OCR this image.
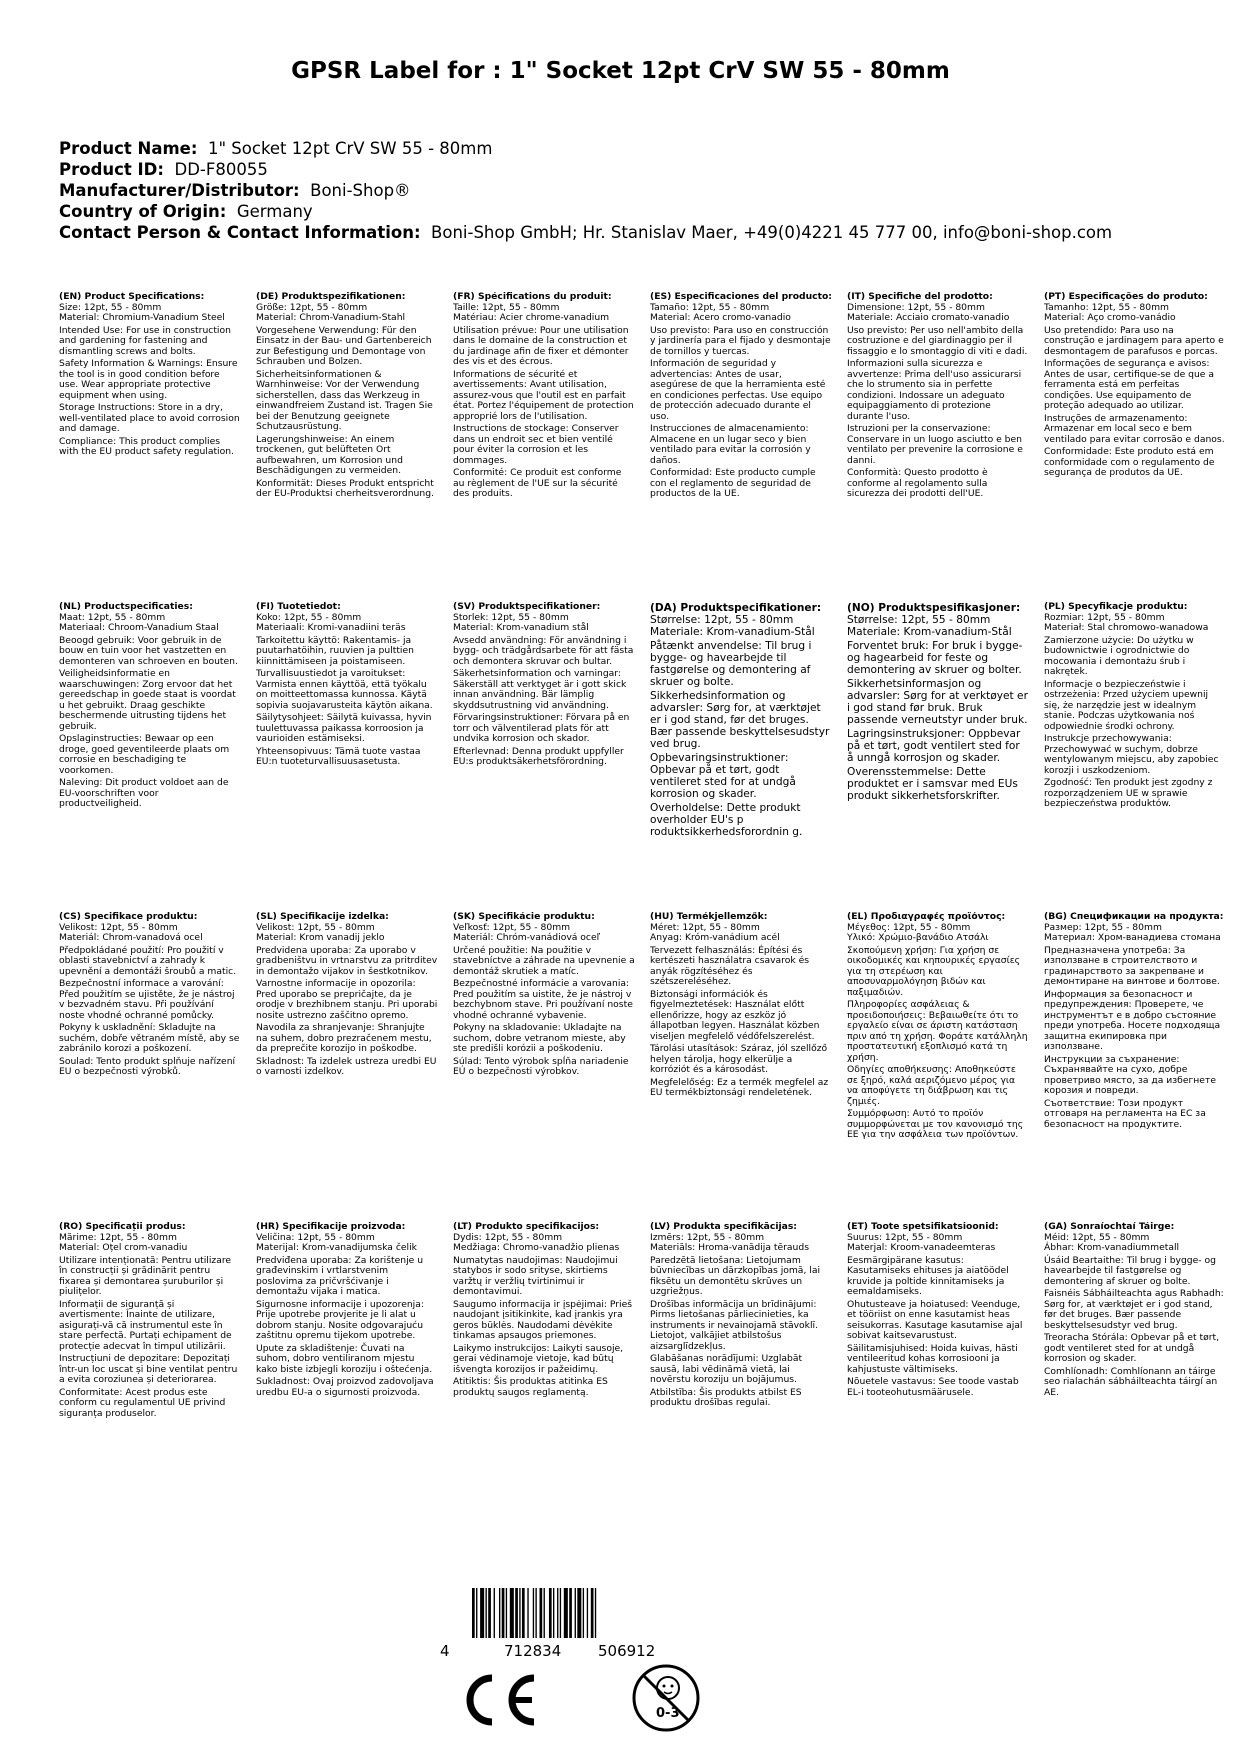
GPSR Label for : 1" Socket 12pt CrV SW 55 - 80mm
Product Name: 1" Socket 12pt CrV SW 55 - 80mm
Product ID: DD-F80055
Manufacturer/Distributor: Boni-Shop®
Country of Origin: Germany
Contact Person & Contact Information: Boni-Shop GmbH; Hr. Stanislav Maer, +49(0)4221 45 777 00, info@boni-shop.com
(EN) Product Specifications:
Size: 12pt, 55 - 80mm
Material: Chromium-Vanadium Steel
Intended Use: For use in construction and gardening for fastening and dismantling screws and bolts.
Safety Information & Warnings: Ensure the tool is in good condition before use. Wear appropriate protective equipment when using.
Storage Instructions: Store in a dry, well-ventilated place to avoid corrosion and damage.
Compliance: This product complies with the EU product safety regulation.
(DE) Produktspezifikationen:
Größe: 12pt, 55 - 80mm
Material: Chrom-Vanadium-Stahl
Vorgesehene Verwendung: Für den Einsatz in der Bau- und Gartenbereich zur Befestigung und Demontage von Schrauben und Bolzen.
Sicherheitsinformationen & Warnhinweise: Vor der Verwendung sicherstellen, dass das Werkzeug in einwandfreiem Zustand ist. Tragen Sie bei der Benutzung geeignete Schutzausrüstung.
Lagerungshinweise: An einem trockenen, gut belüfteten Ort aufbewahren, um Korrosion und Beschädigungen zu vermeiden.
Konformität: Dieses Produkt entspricht der EU-Produktsi cherheitsverordnung.
(FR) Spécifications du produit:
Taille: 12pt, 55 - 80mm
Matériau: Acier chrome-vanadium
Utilisation prévue: Pour une utilisation dans le domaine de la construction et du jardinage afin de fixer et démonter des vis et des écrous.
Informations de sécurité et avertissements: Avant utilisation, assurez-vous que l'outil est en parfait état. Portez l'équipement de protection approprié lors de l'utilisation.
Instructions de stockage: Conserver dans un endroit sec et bien ventilé pour éviter la corrosion et les dommages.
Conformité: Ce produit est conforme au règlement de l'UE sur la sécurité des produits.
(ES) Especificaciones del producto:
Tamaño: 12pt, 55 - 80mm
Material: Acero cromo-vanadio
Uso previsto: Para uso en construcción y jardinería para el fijado y desmontaje de tornillos y tuercas.
Información de seguridad y advertencias: Antes de usar, asegúrese de que la herramienta esté en condiciones perfectas. Use equipo de protección adecuado durante el uso.
Instrucciones de almacenamiento: Almacene en un lugar seco y bien ventilado para evitar la corrosión y daños.
Conformidad: Este producto cumple con el reglamento de seguridad de productos de la UE.
(IT) Specifiche del prodotto:
Dimensione: 12pt, 55 - 80mm
Materiale: Acciaio cromato-vanadio
Uso previsto: Per uso nell'ambito della costruzione e del giardinaggio per il fissaggio e lo smontaggio di viti e dadi.
Informazioni sulla sicurezza e avvertenze: Prima dell'uso assicurarsi che lo strumento sia in perfette condizioni. Indossare un adeguato equipaggiamento di protezione durante l'uso.
Istruzioni per la conservazione: Conservare in un luogo asciutto e ben ventilato per prevenire la corrosione e danni.
Conformità: Questo prodotto è conforme al regolamento sulla sicurezza dei prodotti dell'UE.
(PT) Especificações do produto:
Tamanho: 12pt, 55 - 80mm
Material: Aço cromo-vanádio
Uso pretendido: Para uso na construção e jardinagem para aperto e desmontagem de parafusos e porcas.
Informações de segurança e avisos: Antes de usar, certifique-se de que a ferramenta está em perfeitas condições. Use equipamento de proteção adequado ao utilizar.
Instruções de armazenamento: Armazenar em local seco e bem ventilado para evitar corrosão e danos.
Conformidade: Este produto está em conformidade com o regulamento de segurança de produtos da UE.
(NL) Productspecificaties:
Maat: 12pt, 55 - 80mm
Materiaal: Chroom-Vanadium Staal
Beoogd gebruik: Voor gebruik in de bouw en tuin voor het vastzetten en demonteren van schroeven en bouten.
Veiligheidsinformatie en waarschuwingen: Zorg ervoor dat het gereedschap in goede staat is voordat u het gebruikt. Draag geschikte beschermende uitrusting tijdens het gebruik.
Opslaginstructies: Bewaar op een droge, goed geventileerde plaats om corrosie en beschadiging te voorkomen.
Naleving: Dit product voldoet aan de EU-voorschriften voor productveiligheid.
(FI) Tuotetiedot:
Koko: 12pt, 55 - 80mm
Materiaali: Kromi-vanadiini teräs
Tarkoitettu käyttö: Rakentamis- ja puutarhatöihin, ruuvien ja pulttien kiinnittämiseen ja poistamiseen.
Turvallisuustiedot ja varoitukset: Varmista ennen käyttöä, että työkalu on moitteettomassa kunnossa. Käytä sopivia suojavarusteita käytön aikana.
Säilytysohjeet: Säilytä kuivassa, hyvin tuulettuvassa paikassa korroosion ja vaurioiden estämiseksi.
Yhteensopivuus: Tämä tuote vastaa EU:n tuoteturvallisuusasetusta.
(SV) Produktspecifikationer:
Storlek: 12pt, 55 - 80mm
Material: Krom-vanadium stål
Avsedd användning: För användning i bygg- och trädgårdsarbete för att fästa och demontera skruvar och bultar.
Säkerhetsinformation och varningar: Säkerställ att verktyget är i gott skick innan användning. Bär lämplig skyddsutrustning vid användning.
Förvaringsinstruktioner: Förvara på en torr och välventilerad plats för att undvika korrosion och skador.
Efterlevnad: Denna produkt uppfyller EU:s produktsäkerhetsförordning.
(DA) Produktspecifikationer:
Størrelse: 12pt, 55 - 80mm
Materiale: Krom-vanadium-Stål
Påtænkt anvendelse: Til brug i bygge- og havearbejde til fastgørelse og demontering af skruer og bolte.
Sikkerhedsinformation og advarsler: Sørg for, at værktøjet er i god stand, før det bruges. Bær passende beskyttelsesudstyr ved brug.
Opbevaringsinstruktioner: Opbevar på et tørt, godt ventileret sted for at undgå korrosion og skader.
Overholdelse: Dette produkt overholder EU's p roduktsikkerhedsforordnin g.
(NO) Produktspesifikasjoner:
Størrelse: 12pt, 55 - 80mm
Materiale: Krom-vanadium-Stål
Forventet bruk: For bruk i bygge- og hagearbeid for feste og demontering av skruer og bolter.
Sikkerhetsinformasjon og advarsler: Sørg for at verktøyet er i god stand før bruk. Bruk passende verneutstyr under bruk.
Lagringsinstruksjoner: Oppbevar på et tørt, godt ventilert sted for å unngå korrosjon og skader.
Overensstemmelse: Dette produktet er i samsvar med EUs produkt sikkerhetsforskrifter.
(PL) Specyfikacje produktu:
Rozmiar: 12pt, 55 - 80mm
Materiał: Stal chromowo-wanadowa
Zamierzone użycie: Do użytku w budownictwie i ogrodnictwie do mocowania i demontażu śrub i nakrętek.
Informacje o bezpieczeństwie i ostrzeżenia: Przed użyciem upewnij się, że narzędzie jest w idealnym stanie. Podczas użytkowania noś odpowiednie środki ochrony.
Instrukcje przechowywania: Przechowywać w suchym, dobrze wentylowanym miejscu, aby zapobiec korozji i uszkodzeniom.
Zgodność: Ten produkt jest zgodny z rozporządzeniem UE w sprawie bezpieczeństwa produktów.
(CS) Specifikace produktu:
Velikost: 12pt, 55 - 80mm
Materiál: Chrom-vanadová ocel
Předpokládané použití: Pro použití v oblasti stavebnictví a zahrady k upevnění a demontáži šroubů a matic.
Bezpečnostní informace a varování: Před použitím se ujistěte, že je nástroj v bezvadném stavu. Při používání noste vhodné ochranné pomůcky.
Pokyny k uskladnění: Skladujte na suchém, dobře větraném místě, aby se zabránilo korozi a poškození.
Soulad: Tento produkt splňuje nařízení EU o bezpečnosti výrobků.
(SL) Specifikacije izdelka:
Velikost: 12pt, 55 - 80mm
Material: Krom vanadij jeklo
Predvidena uporaba: Za uporabo v gradbeništvu in vrtnarstvu za pritrditev in demontažo vijakov in šestkotnikov.
Varnostne informacije in opozorila: Pred uporabo se prepričajte, da je orodje v brezhibnem stanju. Pri uporabi nosite ustrezno zaščitno opremo.
Navodila za shranjevanje: Shranjujte na suhem, dobro prezračenem mestu, da preprečite korozijo in poškodbe.
Skladnost: Ta izdelek ustreza uredbi EU o varnosti izdelkov.
(SK) Špecifikácie produktu:
Veľkosť: 12pt, 55 - 80mm
Materiál: Chróm-vanádiová oceľ
Určené použitie: Na použitie v stavebníctve a záhrade na upevnenie a demontáž skrutiek a matíc.
Bezpečnostné informácie a varovania: Pred použitím sa uistite, že je nástroj v bezchybnom stave. Pri používaní noste vhodné ochranné vybavenie.
Pokyny na skladovanie: Ukladajte na suchom, dobre vetranom mieste, aby ste predišli korózii a poškodeniu.
Súlad: Tento výrobok spĺňa nariadenie EÚ o bezpečnosti výrobkov.
(HU) Termékjellemzők:
Méret: 12pt, 55 - 80mm
Anyag: Króm-vanádium acél
Tervezett felhasználás: Építési és kertészeti használatra csavarok és anyák rögzítéséhez és szétszereléséhez.
Biztonsági információk és figyelmeztetések: Használat előtt ellenőrizze, hogy az eszköz jó állapotban legyen. Használat közben viseljen megfelelő védőfelszerelést.
Tárolási utasítások: Száraz, jól szellőző helyen tárolja, hogy elkerülje a korróziót és a károsodást.
Megfelelőség: Ez a termék megfelel az EU termékbiztonsági rendeletének.
(EL) Προδιαγραφές προϊόντος:
Μέγεθος: 12pt, 55 - 80mm
Υλικό: Χρώμιο-βανάδιο Ατσάλι
Σκοπούμενη χρήση: Για χρήση σε οικοδομικές και κηπουρικές εργασίες για τη στερέωση και αποσυναρμολόγηση βιδών και παξιμαδιών.
Πληροφορίες ασφάλειας & προειδοποιήσεις: Βεβαιωθείτε ότι το εργαλείο είναι σε άριστη κατάσταση πριν από τη χρήση. Φοράτε κατάλληλη προστατευτική εξοπλισμό κατά τη χρήση.
Οδηγίες αποθήκευσης: Αποθηκεύστε σε ξηρό, καλά αεριζόμενο μέρος για να αποφύγετε τη διάβρωση και τις ζημιές.
Συμμόρφωση: Αυτό το προϊόν συμμορφώνεται με τον κανονισμό της ΕΕ για την ασφάλεια των προϊόντων.
(BG) Спецификации на продукта:
Размер: 12pt, 55 - 80mm
Материал: Хром-ванадиева стомана
Предназначена употреба: За използване в строителството и градинарството за закрепване и демонтиране на винтове и болтове.
Информация за безопасност и предупреждения: Проверете, че инструментът е в добро състояние преди употреба. Носете подходяща защитна екипировка при използване.
Инструкции за съхранение: Съхранявайте на сухо, добре проветриво място, за да избегнете корозия и повреди.
Съответствие: Този продукт отговаря на регламента на ЕС за безопасност на продуктите.
(RO) Specificații produs:
Mărime: 12pt, 55 - 80mm
Material: Oțel crom-vanadiu
Utilizare intenționată: Pentru utilizare în construcții și grădinărit pentru fixarea și demontarea șuruburilor și piulițelor.
Informații de siguranță și avertismente: Înainte de utilizare, asigurați-vă că instrumentul este în stare perfectă. Purtați echipament de protecție adecvat în timpul utilizării.
Instrucțiuni de depozitare: Depozitați într-un loc uscat și bine ventilat pentru a evita coroziunea și deteriorarea.
Conformitate: Acest produs este conform cu regulamentul UE privind siguranța produselor.
(HR) Specifikacije proizvoda:
Veličina: 12pt, 55 - 80mm
Materijal: Krom-vanadijumska čelik
Predviđena uporaba: Za korištenje u građevinskim i vrtlarstvenim poslovima za pričvršćivanje i demontažu vijaka i matica.
Sigurnosne informacije i upozorenja: Prije upotrebe provjerite je li alat u dobrom stanju. Nosite odgovarajuću zaštitnu opremu tijekom upotrebe.
Upute za skladištenje: Čuvati na suhom, dobro ventiliranom mjestu kako biste izbjegli koroziju i oštećenja.
Sukladnost: Ovaj proizvod zadovoljava uredbu EU-a o sigurnosti proizvoda.
(LT) Produkto specifikacijos:
Dydis: 12pt, 55 - 80mm
Medžiaga: Chromo-vanadžio plienas
Numatytas naudojimas: Naudojimui statybos ir sodo srityse, skirtiems varžtų ir veržlių tvirtinimui ir demontavimui.
Saugumo informacija ir įspėjimai: Prieš naudojant įsitikinkite, kad įrankis yra geros būklės. Naudodami dėvėkite tinkamas apsaugos priemones.
Laikymo instrukcijos: Laikyti sausoje, gerai vėdinamoje vietoje, kad būtų išvengta korozijos ir pažeidimų.
Atitiktis: Šis produktas atitinka ES produktų saugos reglamentą.
(LV) Produkta specifikācijas:
Izmērs: 12pt, 55 - 80mm
Materiāls: Hroma-vanādija tērauds
Paredzētā lietošana: Lietojumam būvniecības un dārzkopības jomā, lai fiksētu un demontētu skrūves un uzgriežņus.
Drošības informācija un brīdinājumi: Pirms lietošanas pārliecinieties, ka instruments ir nevainojamā stāvoklī. Lietojot, valkājiet atbilstošus aizsarglīdzekļus.
Glabāšanas norādījumi: Uzglabāt sausā, labi vēdināmā vietā, lai novērstu koroziju un bojājumus.
Atbilstība: Šis produkts atbilst ES produktu drošības regulai.
(ET) Toote spetsifikatsioonid:
Suurus: 12pt, 55 - 80mm
Materjal: Kroom-vanadeemteras
Eesmärgipärane kasutus: Kasutamiseks ehituses ja aiatöödel kruvide ja poltide kinnitamiseks ja eemaldamiseks.
Ohutusteave ja hoiatused: Veenduge, et tööriist on enne kasutamist heas seisukorras. Kasutage kasutamise ajal sobivat kaitsevarustust.
Säilitamisjuhised: Hoida kuivas, hästi ventileeritud kohas korrosiooni ja kahjustuste vältimiseks.
Nõuetele vastavus: See toode vastab EL-i tooteohutusmäärusele.
(GA) Sonraíochtaí Táirge:
Méid: 12pt, 55 - 80mm
Ábhar: Krom-vanadiummetall
Úsáid Beartaithe: Til brug i bygge- og havearbejde til fastgørelse og demontering af skruer og bolte.
Faisnéis Sábháilteachta agus Rabhadh: Sørg for, at værktøjet er i god stand, før det bruges. Bær passende beskyttelsesudstyr ved brug.
Treoracha Stórála: Opbevar på et tørt, godt ventileret sted for at undgå korrosion og skader.
Comhlíonadh: Comhlíonann an táirge seo rialachán sábháilteachta táirgí an AE.
4	712834 506912
0-3
